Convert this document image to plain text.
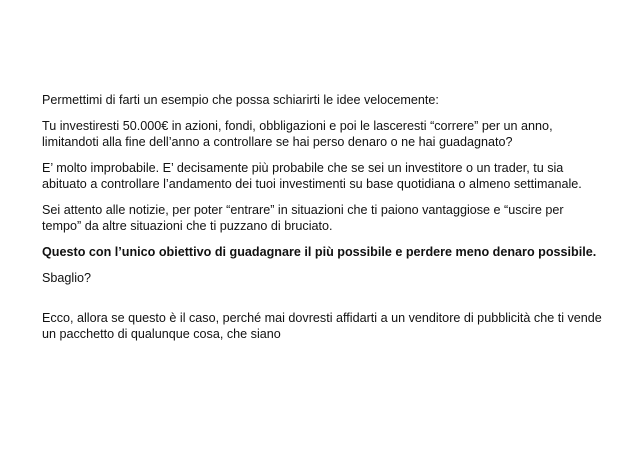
Permettimi di farti un esempio che possa schiarirti le idee velocemente:

Tu investiresti 50.000€ in azioni, fondi, obbligazioni e poi le lasceresti “correre” per un anno, limitandoti alla fine dell’anno a controllare se hai perso denaro o ne hai guadagnato?

E’ molto improbabile. E’ decisamente più probabile che se sei un investitore o un trader, tu sia abituato a controllare l’andamento dei tuoi investimenti su base quotidiana o almeno settimanale.

Sei attento alle notizie, per poter “entrare” in situazioni che ti paiono vantaggiose e “uscire per tempo” da altre situazioni che ti puzzano di bruciato.

Questo con l’unico obiettivo di guadagnare il più possibile e perdere meno denaro possibile.

Sbaglio?

Ecco, allora se questo è il caso, perché mai dovresti affidarti a un venditore di pubblicità che ti vende un pacchetto di qualunque cosa, che siano
